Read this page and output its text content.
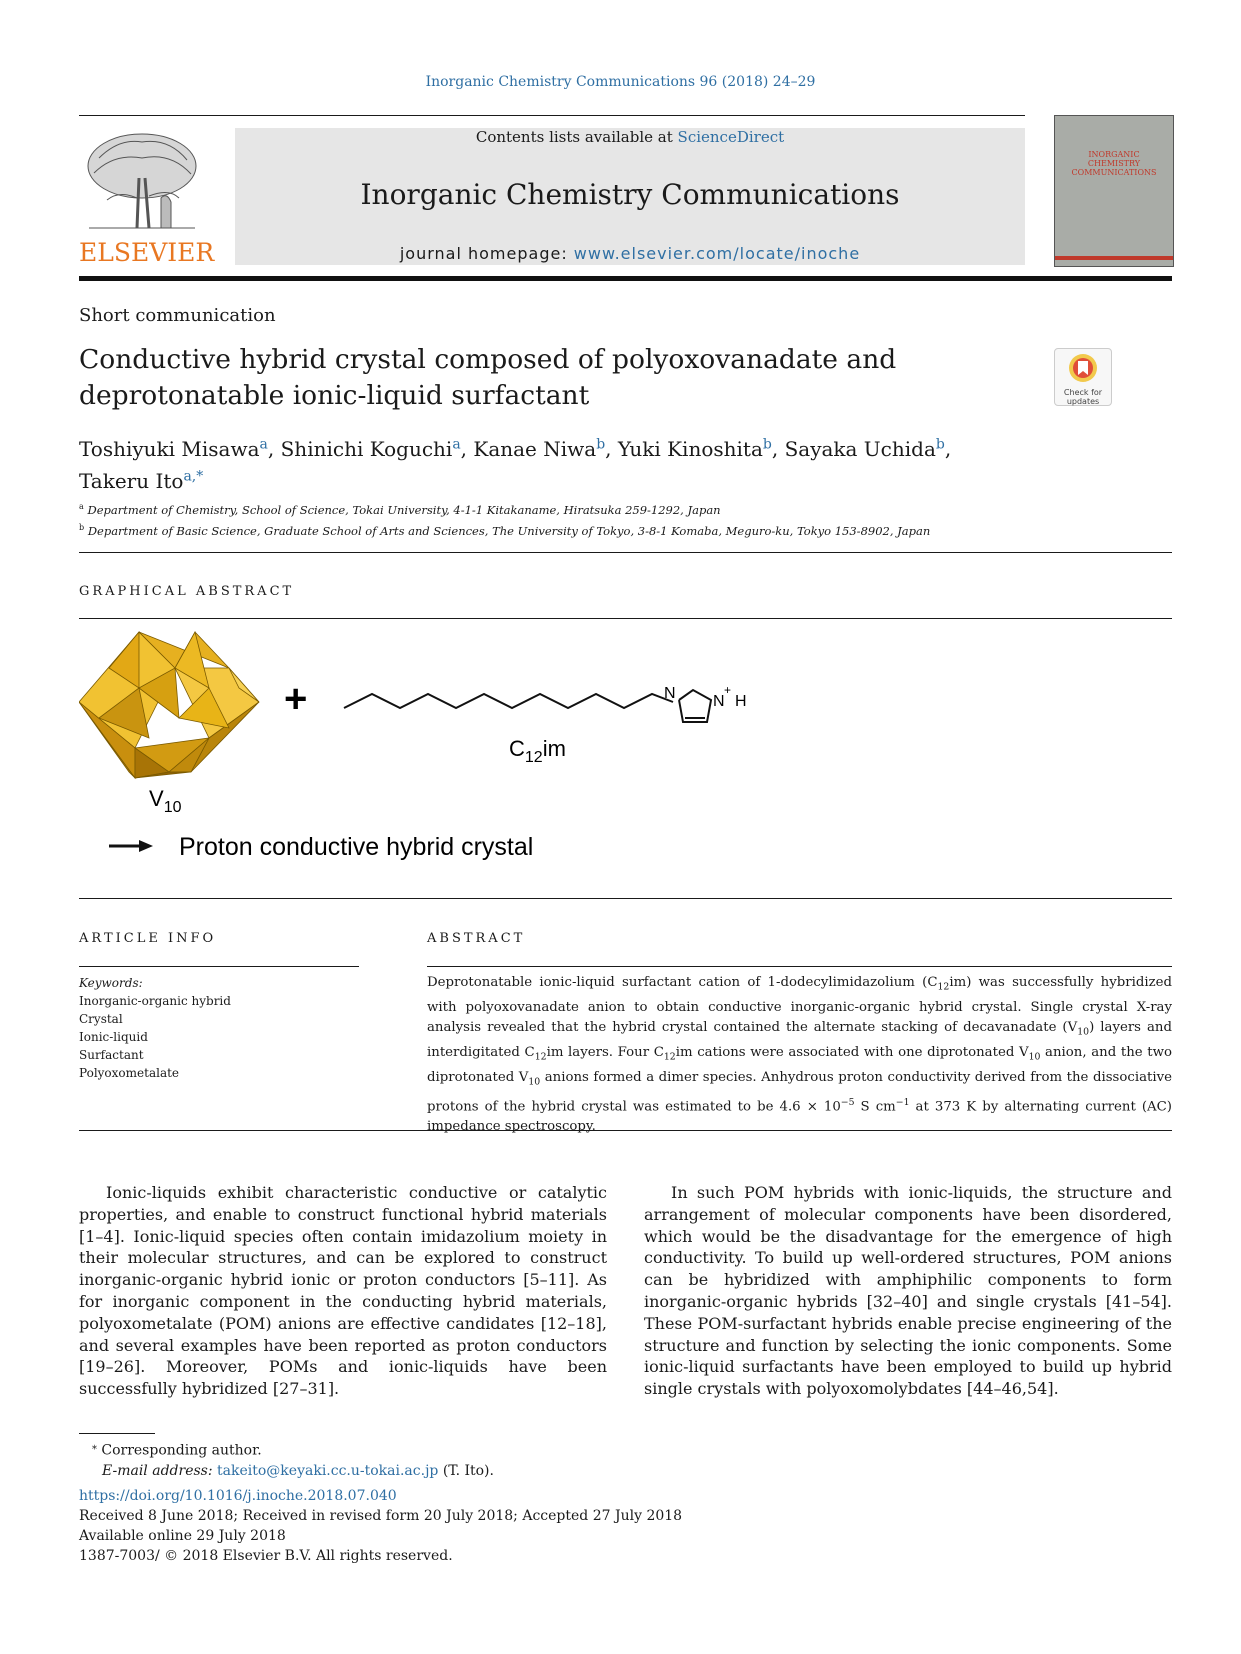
Inorganic Chemistry Communications 96 (2018) 24–29
ELSEVIER
Contents lists available at ScienceDirect
Inorganic Chemistry Communications
journal homepage: www.elsevier.com/locate/inoche
INORGANIC CHEMISTRY COMMUNICATIONS
Short communication
Conductive hybrid crystal composed of polyoxovanadate and
deprotonatable ionic-liquid surfactant	Check for updates
Toshiyuki Misawa$^a$, Shinichi Koguchi$^a$, Kanae Niwa$^b$, Yuki Kinoshita$^b$, Sayaka Uchida$^b$,
Takeru Ito$^{a,*}$
$^a$ Department of Chemistry, School of Science, Tokai University, 4-1-1 Kitakaname, Hiratsuka 259-1292, Japan
$^b$ Department of Basic Science, Graduate School of Arts and Sciences, The University of Tokyo, 3-8-1 Komaba, Meguro-ku, Tokyo 153-8902, Japan
GRAPHICAL ABSTRACT
$V_{10}$
+	N N
+
H
$C_{12}im$
Proton conductive hybrid crystal
ARTICLE INFO
Keywords:
Inorganic-organic hybrid
Crystal
Ionic-liquid
Surfactant
Polyoxometalate
ABSTRACT
Deprotonatable ionic-liquid surfactant cation of 1-dodecylimidazolium $(C_{12}im)$ was successfully hybridized with polyoxovanadate anion to obtain conductive inorganic-organic hybrid crystal. Single crystal X-ray analysis revealed that the hybrid crystal contained the alternate stacking of decavanadate $(V_{10})$ layers and interdigitated $C_{12}im$ layers. Four $C_{12}im$ cations were associated with one diprotonated $V_{10}$ anion, and the two diprotonated $V_{10}$ anions formed a dimer species. Anhydrous proton conductivity derived from the dissociative protons of the hybrid crystal was estimated to be $4.6 \times 10^{-5}$ S $cm^{-1}$ at 373 K by alternating current (AC) impedance spectroscopy.
Ionic-liquids exhibit characteristic conductive or catalytic properties, and enable to construct functional hybrid materials [1–4]. Ionic-liquid species often contain imidazolium moiety in their molecular structures, and can be explored to construct inorganic-organic hybrid ionic or proton conductors [5–11]. As for inorganic component in the conducting hybrid materials, polyoxometalate (POM) anions are effective candidates [12–18], and several examples have been reported as proton conductors [19–26]. Moreover, POMs and ionic-liquids have been successfully hybridized [27–31].
In such POM hybrids with ionic-liquids, the structure and arrangement of molecular components have been disordered, which would be the disadvantage for the emergence of high conductivity. To build up well-ordered structures, POM anions can be hybridized with amphiphilic components to form inorganic-organic hybrids [32–40] and single crystals [41–54]. These POM-surfactant hybrids enable precise engineering of the structure and function by selecting the ionic components. Some ionic-liquid surfactants have been employed to build up hybrid single crystals with polyoxomolybdates [44–46,54].
⁎ Corresponding author.
E-mail address: takeito@keyaki.cc.u-tokai.ac.jp (T. Ito).
https://doi.org/10.1016/j.inoche.2018.07.040
Received 8 June 2018; Received in revised form 20 July 2018; Accepted 27 July 2018
Available online 29 July 2018
1387-7003/ © 2018 Elsevier B.V. All rights reserved.
